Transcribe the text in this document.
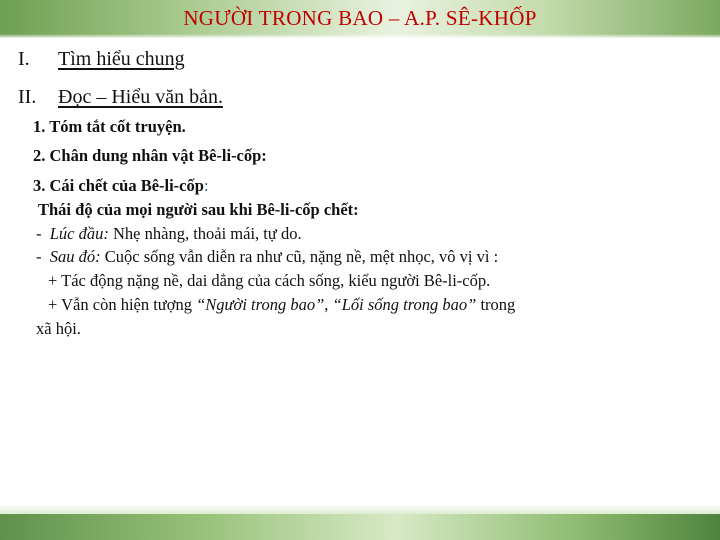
NGƯỜI TRONG BAO – A.P. SÊ-KHỐP
I. Tìm hiểu chung
II. Đọc – Hiểu văn bản.
1. Tóm tắt cốt truyện.
2. Chân dung nhân vật Bê-li-cốp:
3. Cái chết của Bê-li-cốp:
Thái độ của mọi người sau khi Bê-li-cốp chết:
- Lúc đầu: Nhẹ nhàng, thoải mái, tự do.
- Sau đó: Cuộc sống vẫn diễn ra như cũ, nặng nề, mệt nhọc, vô vị vì :
+ Tác động nặng nề, dai dẳng của cách sống, kiểu người Bê-li-cốp.
+ Vẫn còn hiện tượng “Người trong bao”, “Lối sống trong bao” trong
xã hội.
